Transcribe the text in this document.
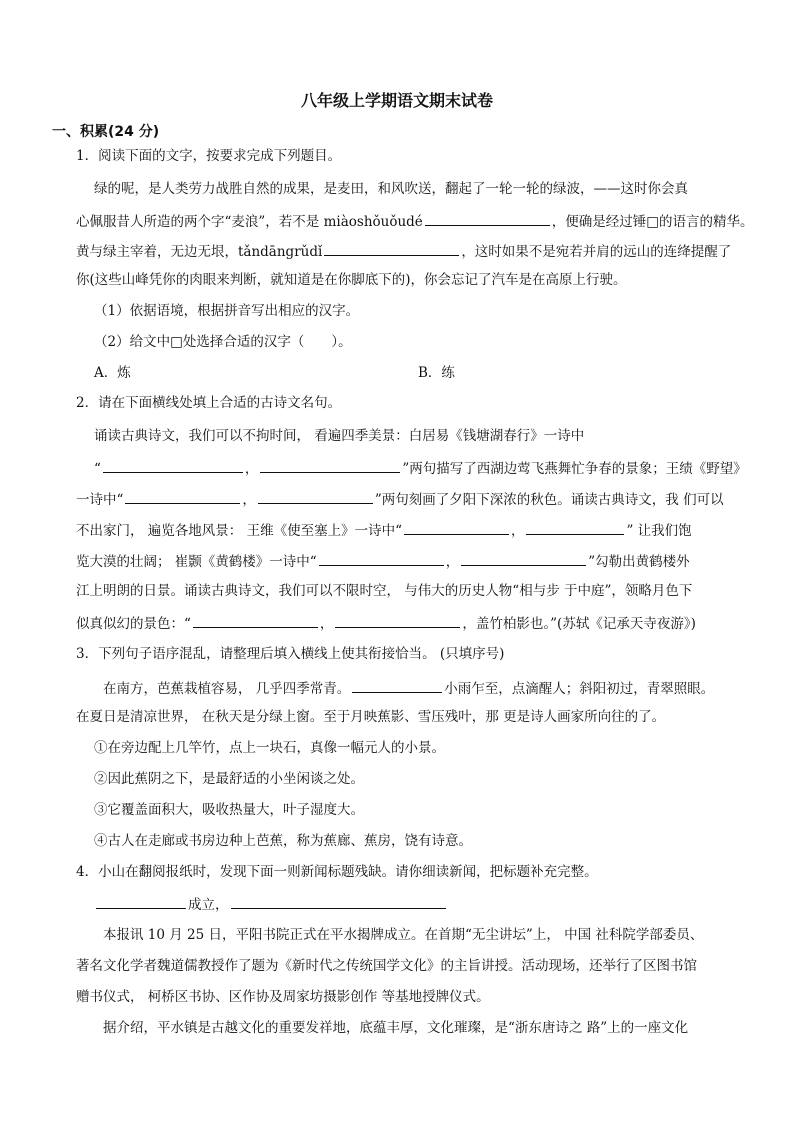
八年级上学期语文期末试卷
一、积累(24 分)
1．阅读下面的文字，按要求完成下列题目。
绿的呢，是人类劳力战胜自然的成果，是麦田，和风吹送，翻起了一轮一轮的绿波，——这时你会真
心佩服昔人所造的两个字“麦浪”，若不是 miàoshǒuǒudé	，便确是经过锤□的语言的精华。
黄与绿主宰着，无边无垠，tǎndāngrǔdǐ	，这时如果不是宛若并肩的远山的连绛提醒了
你(这些山峰凭你的肉眼来判断，就知道是在你脚底下的)，你会忘记了汽车是在高原上行驶。
（1）依据语境，根据拼音写出相应的汉字。
（2）给文中□处选择合适的汉字（　　）。
A．炼	B．练
2．请在下面横线处填上合适的古诗文名句。
诵读古典诗文，我们可以不拘时间， 看遍四季美景：白居易《钱塘湖春行》一诗中
“	，	”两句描写了西湖边莺飞燕舞忙争春的景象；王绩《野望》
一诗中“	，	”两句刻画了夕阳下深浓的秋色。诵读古典诗文，我 们可以
不出家门， 遍览各地风景： 王维《使至塞上》一诗中“	，	” 让我们饱
览大漠的壮阔； 崔颢《黄鹤楼》一诗中“	，	”勾勒出黄鹤楼外
江上明朗的日景。诵读古典诗文，我们可以不限时空， 与伟大的历史人物“相与步 于中庭”，领略月色下
似真似幻的景色：“	，	，盖竹柏影也。”(苏轼《记承天寺夜游》)
3．下列句子语序混乱，请整理后填入横线上使其衔接恰当。 (只填序号)
在南方，芭蕉栽植容易， 几乎四季常青。	小雨乍至，点滴醒人；斜阳初过，青翠照眼。
在夏日是清凉世界， 在秋天是分绿上窗。至于月映蕉影、雪压残叶，那 更是诗人画家所向往的了。
①在旁边配上几竿竹，点上一块石，真像一幅元人的小景。
②因此蕉阴之下，是最舒适的小坐闲谈之处。
③它覆盖面积大，吸收热量大，叶子湿度大。
④古人在走廊或书房边种上芭蕉，称为蕉廊、蕉房，饶有诗意。
4．小山在翻阅报纸时，发现下面一则新闻标题残缺。请你细读新闻，把标题补充完整。
成立，
本报讯 10 月 25 日，平阳书院正式在平水揭牌成立。在首期“无尘讲坛”上， 中国 社科院学部委员、
著名文化学者魏道儒教授作了题为《新时代之传统国学文化》的主旨讲授。活动现场，还举行了区图书馆
赠书仪式， 柯桥区书协、区作协及周家坊摄影创作 等基地授牌仪式。
据介绍，平水镇是古越文化的重要发祥地，底蕴丰厚，文化璀璨，是“浙东唐诗之 路”上的一座文化
